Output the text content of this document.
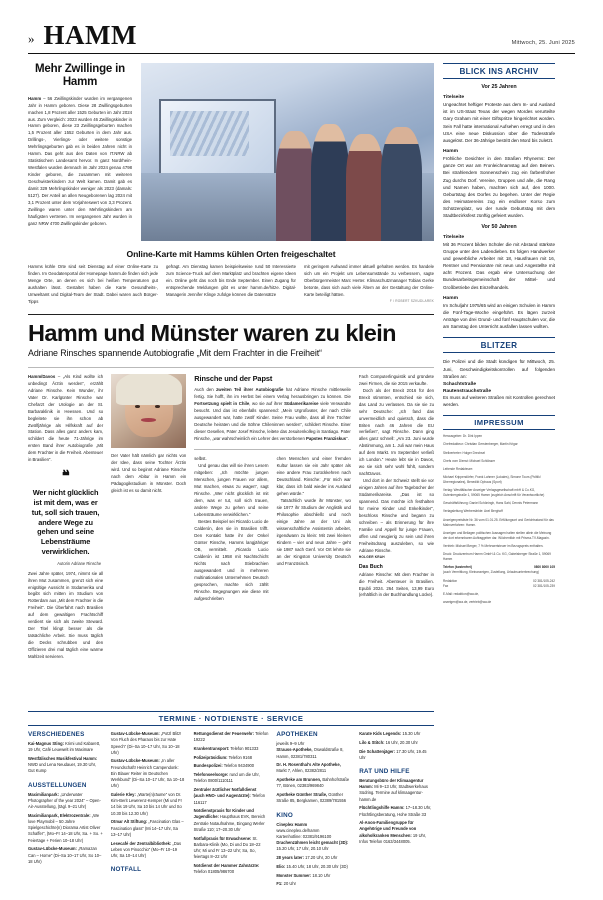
» HAMM	Mittwoch, 25. Juni 2025
Mehr Zwillinge in Hamm

Hamm – 56 Zwillingskinder wurden im vergangenen Jahr in Hamm geboren. Diese 28 Zwillingsgeburten machen 1,8 Prozent aller 1525 Geburten im Jahr 2024 aus. Zum Vergleich: 2023 wurden 46 Zwillingskinder in Hamm geboren, diese 23 Zwillingsgeburten machen 1,5 Prozent aller 1552 Geburten in dem Jahr aus. Drillings-, Vierlings- oder weitere sonstige Mehrlingsgeburten gab es in beiden Jahren nicht in Hamm. Das geht aus den Daten von IT.NRW ab Statistischem Landesamt hervor. In ganz Nordrhein-Westfalen wurden demnach im Jahr 2024 genau 4798 Kinder geboren, die zusammen mit weiteren Geschwisterkindern zur Welt kamen. Damit gab es damit 329 Mehrlingskinder weniger als 2023 (damals: 5127). Der Anteil an allen Neugeborenen lag 2024 mit 3,1 Prozent unter dem Vorjahreswert von 3,3 Prozent. Zwillinge waren unter den Mehrlingskindern am häufigsten vertreten. Im vergangenen Jahr wurden in ganz NRW 4700 Zwillingskinder geboren.

Online-Karte mit Hamms kühlen Orten freigeschaltet
Hamms kühle Orte sind seit Dienstag auf einer Online-Karte zu finden. Im Geodatenportal der Homepage hamm.de finden sich jede Menge Orte, an denen es sich bei heißen Temperaturen gut aushalten lässt. Gestaltet haben die Karte Gesundheits-, Umweltamt und Digital-Team der Stadt. Dabei waren auch Bürger-Tipps
gefragt. Am Dienstag kamen beispielsweise rund 50 Interessierte zum Science-Truck auf dem Marktplatz und brachten eigene Ideen ein. Online geht das noch bis Ende September. Einen Zugang für entsprechende Meldungen gibt es unter hamm.de/hitze. Digital-Managerin Jennifer Klinge zufolge können die Datensätze
mit geringem Aufwand immer aktuell gehalten werden. Es handele sich um ein Projekt um Lebensumstände zu verbessern, sagte Oberbürgermeister Marc Herter. Klimaschutzmanager Tobias Gerke betonte, dass sich auch viele Ältern an der Gestaltung der Online-Karte beteiligt hätten.
F / ROBERT SZKUDLAREK
Hamm und Münster waren zu klein
Adriane Rinsches spannende Autobiografie „Mit dem Frachter in die Freiheit“
Hamm/Davos – „Als Kind wollte ich unbedingt Ärztin werden“, erzählt Adriane Rinsche. Kein Wunder, ihr Vater Dr. Karlgünter Rinsche war Chefarzt der Urologie an der St. Barbaraklinik in Heessen. Und so begleitete sie ihn schon ab Zwölfjährige als Hilfskraft auf der Station. Dass alles ganz anders kam, schildert die heute 71-Jährige im ersten Band ihrer Autobiografie „Mit dem Frachter in die Freiheit. Abenteuer in Brasilien“.
❝
Wer nicht glücklich ist mit dem, was er tut, soll sich trauen, andere Wege zu gehen und seine Lebensträume verwirklichen.
Autorin Adriane Rinsche
Zwei Jahre später, 1974, nimmt sie all ihren Mut zusammen, grenzt sich eine enigültige Aussicht in Südamerika und begibt sich mitten im Studium von Rotterdam aus „Mit dem Frachter in die Freiheit“. Die Überfahrt nach Brasilien auf dem gewaltigen Frachtschiff verdient sie sich als zweite Steward. Der Titel klingt besser als die tatsächliche Arbeit. Sie muss täglich die Decks schrubben und den Offizieren drei mal täglich eine warme Mahlzeit servieren.
Der Vater hält nämlich gar nichts von der Idee, dass seine Tochter Ärztin wird. Und so beginnt Adriane Rinsche nach dem Abitur in Hamm ein Pädagogikstudium in Münster. Doch gleich ist es so damit nicht.
Rinsche und der Papst
Auch den zweiten Teil ihrer Autobiografie hat Adriane Rinsche mittlerweile fertig. Sie hofft, ihn im Herbst bei einem Verlag herausbringen zu können. Die Fortsetzung spielt in Chile, wo sie auf ihrer Südamerikareise viele Verwandte besucht. Und das ist ebenfalls spannend: „Mein Urgroßvater, der nach Chile ausgewandert war, hatte zwölf Kinder. Seine Frau wollte, dass all ihre Töchter Deutsche heiraten und die Söhne Chileninnen werden“, schildert Rinsche. Einer dieser Gesellen, Pater Josef Rinsche, leitete das Jesuitenkolleg in Santiago. Pater Rinsche, „war wahrscheinlich ein Lehrer des verstorbenen Papstes Franziskus“.

selbst.

Und genau das will sie ihren Lesern mitgeben: „Ich möchte jungen Menschen, jungen Frauen vor allem, Mut machen, etwas zu wagen“, sagt Rinsche. „Wer nicht glücklich ist mit dem, was er tut, soll sich trauen, andere Wege zu gehen und seine Lebensträume verwirklichen.“

Bestes Beispiel sei Ricardo Lucio de Calderón, den sie in Brasilien trifft. Den Kontakt hatte ihr der Onkel Günter Rinsche, Hamms langjähriger OB, vermittelt. „Ricardo Lucio Calderón ist 1958 mit Nachtschicht Nichts nach Stiebrachien ausgewandert und in mehreren multinationalen Unternehmen Deutsch gesprochen, machte sich zählt Rinsche. Begegnungen wie diese mit aufgeschrieben

chen Menschen und einer fremden Kultur lassen sie ein Jahr später als eine andere Frau zurückkehren nach Deutschland. Rinsche: „Für mich war klar, dass ich bald wieder ins Ausland gehen würde.“

Tatsächlich wurde ihr Münster, wo sie 1977 ihr Studium der Anglistik und Philosophie abschließt und noch einige Jahre an der Uni als wissenschaftliche Assistentin arbeitet, irgendwann zu klein: Mit zwei kleinen Kindern – vier und neun Jahre – geht sie 1987 nach Genf. Vor Ort lehrte sie an der Kingston University Deutsch und Französisch.

Fach Computerlinguistik und gründete zwei Firmen, die sie 2015 verkaufte.

Doch als der Brexit 2016 für den Brexit stimmten, entschied sie sich, das Land zu verlassen. Da sie sie zu sehr Deutsche: „Ich fand das unvermeidlich und quietsch, dass die Briten nach 46 Jahren die EU verließen“, sagt Rinsche. Dann ging alles ganz schnell: „Am 23. Juni wurde Abstimmung, am 1. Juli war mein Haus auf dem Markt. Im September verließ ich London.“ Heute lebt sie in Davos, wo sie sich sehr wohl fühlt, sondern nachDavos.

Und dort in der Schweiz stellt sie vor einigen Jahren auf ihre Tagebücher der Südamerikareise. „Das ist so spannend. Das möchte ich festhalten für meine Kinder und Enkelkinder“, beschloss Rinsche und begann zu schreiben – als Erinnerung für ihre Familie und Appell für junge Frauen, offen und neugierig zu sein und ihren Freiheitsdrang auszuleben, so wie Adriane Rinsche.

HOLGER KRAH
Das Buch
Adriane Rinsche: Mit dem Frachter in die Freiheit. Abenteuer in Brasilien. Epubli 2024. 264 Seiten, 13,99 Euro (erhältlich in der Buchhandlung Lücke).
BLICK INS ARCHIV
Vor 25 Jahren
Titelseite
Ungeachtet heftiger Proteste aus dem In- und Ausland ist im US-Staat Texas der wegen Mordes verurteilte Gary Graham mit einer Giftspritze hingerichtet worden. Sein Fall hatte international Aufsehen erregt und in den USA eine neue Diskussion über die Todesstrafe ausgelöst. Der 36-Jährige bestritt den Mord bis zuletzt.
Hamm
Fröhliche Gesichter in den Straßen Rhynerns: Der ganze Ort war am Fronleichnamstag auf den Beinen. Bei strahlendem Sonnenschein zog ein farbenfroher Zug durchs Dorf. Vereine, Gruppen und alle, die Rang und Namen haben, machten sich auf, den 1000. Geburtstag des Dorfes zu begehen. Unter der Regie des Heimatvereins zog ein endloser Korso zum Schützenplatz, wo der runde Geburtstag mit dem Stadtbezirksfest zünftig gefeiert wurden.
Vor 50 Jahren
Titelseite
Mit 36 Prozent bilden Schüler die mit Abstand stärkste Gruppe unter den Ladendieben. Es folgen Handwerker und gewerbliche Arbeiter mit 18, Hausfrauen mit 16, Rentner und Pensionäre mit neun und Angestellte mit acht Prozent. Das ergab eine Untersuchung der Bundesarbeitsgemeinschaft der Mittel- und Großbetriebe des Einzelhandels.
Hamm
Im Schuljahr 1975/65 wird an einigen Schulen in Hamm die Fünf-Tage-Woche eingeführt. Es lägen zurzeit Anträge von drei Grund- und fünf Hauptschulen vor, die am Samstag den Unterricht ausfallen lassen wollten.
BLITZER
Die Polizei und die Stadt kündigen für Mittwoch, 25. Juni, Geschwindigkeitskontrollen auf folgenden Straßen an:
Schachtstraße
Rautenstrauchstraße
Es muss auf weiteren Straßen mit Kontrollen gerechnet werden.
IMPRESSUM

Herausgeber: Dr. Dirk Ippen

Chefredakteur: Christian Gerstenberger, Martin Krigar

Stellvertreter: Holger Drechsel

Chefs vom Dienst: Michael Schlösser

Leitende Redakteure:

Michael Krippendörfer, Frank Lahmer (Lokales), Simone Tours (Politik/Überregionales), Benedikt Ophaus (Sport)

Verlag: Westfälischer Anzeiger Verlagsgesellschaft mbH & Co.KG, Gutenbergstraße 1, 59065 Hamm (zugleich Anschrift für Verantwortliche)

Geschäftsführung: Daniel Schöningh, Hans Sahl, Dennis Petermann

Verlagsleitung Werbemärkte: Axel Berghoff

Anzeigenpreisliste Nr. 36 vom 01.01.25. Erfüllungsort und Gerichtsstand für das Mahnverfahren: Hamm.

Anzeigen und Beilagen politischen Aussagen halten stellen allein die Meinung der dort erkennbaren Auftraggeber dar. Wöchentlich mit Prisma-TV-Magazin.

Vertrieb: Michael Berger, 7 % Mehrwertsteuer im Bezugspreis enthalten.

Druck: Druckzentrum Hamm GmbH & Co. KG, Gabelsberger Straße 1, 59069 Hamm

Telefon (kostenfrei)	0800 8000 105

(auch Vermittlung, Kleinanzeigen, Zustellung, Urlaubsunterbrechung)

Redaktion	02 381/105-242
Fax	02 381/105-239

E-Mail: redaktion@wa.de,

anzeigen@wa.de, vertrieb@wa.de

TERMINE · NOTDIENSTE · SERVICE
VERSCHIEDENES

Kai-Magnus Sting: Krimi und Kabarett, 19 Uhr, Café Leuewelt im Maximare

Westfälisches Musikfestival Hamm: NWD und Lena Neudauer, 19.30 Uhr, Gut Kump

AUSSTELLUNGEN

Maximilianpark: „Underwater Photographer of the year 2024“ – Open-Air-Ausstellung, (tägl. 9–21 Uhr)

Maximilianpark, Elektrozentrale: „We love Playmobil – 50 Jahre Spielgeschichte(n) Diorama Artist Oliver Schaffer“, (Mo–Fr 14–18 Uhr, Sa. + So. + Feiertage + Ferien 10–18 Uhr)

Gustav-Lübcke-Museum: „Ramazan Can – Home“ (Di–Sa 10–17 Uhr, So 10–18 Uhr)

Gustav-Lübcke-Museum: „Potzl Blitz! Von Fluch des Pharaos bis zur Hate Speech“ (Di–Sa 10–17 Uhr, So 10–18 Uhr)

Gustav-Lübcke-Museum: „In aller Freundschaft! Heinrich Campendonk: Ein Blauer Reiter im Deutschen Werkbund“ (Di–Sa 10–17 Uhr, Sa 10–18 Uhr)

Galerie Kley: „Warte(n)räume“ von Dr. Kim-Berit Lewerenz-Kemper (Mi und Fr 14 bis 19 Uhr, Sa 10 bis 14 Uhr und So 10.30 bis 12.30 Uhr)

Otmar Alt Stiftung: „Fascination Glas – Fascination glass“ (Mi 14–17 Uhr, Sa 13–17 Uhr)

Lesecafé der Zentralbibliothek: „Das Leben von Pinocchio“ (Mo–Fr 10–19 Uhr, Sa 10–14 Uhr)

NOTFALL

Rettungsdienst der Feuerwehr: Telefon 19222

Krankentransport: Telefon 901333

Polizeipräsidium: Telefon 9168

Bundespolizei: Telefon 9434900

Telefonseelsorge: rund um die Uhr, Telefon 0800/1110111

Zentraler ärztlicher Notfalldienst (auch HNO- und Augenärzte): Telefon 116117

Notdienstpraxis für Kinder und Jugendliche: Haupthaus EVK, Bereich Zentrale Notaufnahme, Eingang Werler Straße 110; 17–20.30 Uhr

Notfallpraxis für Erwachsene: St. Barbara-Klinik (Mo, Di und Do 18–22 Uhr; Mi und Fr 13–22 Uhr; Sa, So, feiertags 8–22 Uhr

Notdienst der Hammer Zahnärzte: Telefon 01805/986700

APOTHEKEN
jeweils 9–9 Uhr

Strauss-Apotheke, Oswaldstraße 8, Hamm, 02381/780311

Dr. H. Rosenthal's Alte Apotheke, Markt 7, Ahlen, 02382/2811

Apotheke am Brunnen, Bahnhofstraße 77, Bönen, 02383/969840

Apotheke Günther Straße, Günther Straße 85, Bergkamen, 02389/781556

KINO
Cineplex Hamm
www.cineplex.de/hamm
Kartenhotline: 02381/9196100

Drachenzähmen leicht gemacht (3D): 15.20 Uhr, 17 Uhr, 20.10 Uhr

28 years later: 17.20 Uhr, 20 Uhr

Elio: 15.40 Uhr, 18 Uhr, 20.30 Uhr (3D)

Monster Summer: 18.10 Uhr

F1: 20 Uhr

Karate Kids Legends: 15.30 Uhr

Lilo & Stitch: 16 Uhr, 20.30 Uhr

Die Schattenjäger: 17.30 Uhr, 19.45 Uhr

RAT UND HILFE

Beratungsbüro der Klimaagentur Hamm: Mi 9–13 Uhr, Stadtwerkehaus Südring. Termine auf klimaagentur-hamm.de

Flüchtlingshilfe Hamm: 17–18.30 Uhr, Flüchtlingsberatung, Hohe Straße 33

Al-Anon-Familiengruppe für Angehörige und Freunde von alkoholkranken Menschen: 19 Uhr, Infos Telefon 0163/3448005.
